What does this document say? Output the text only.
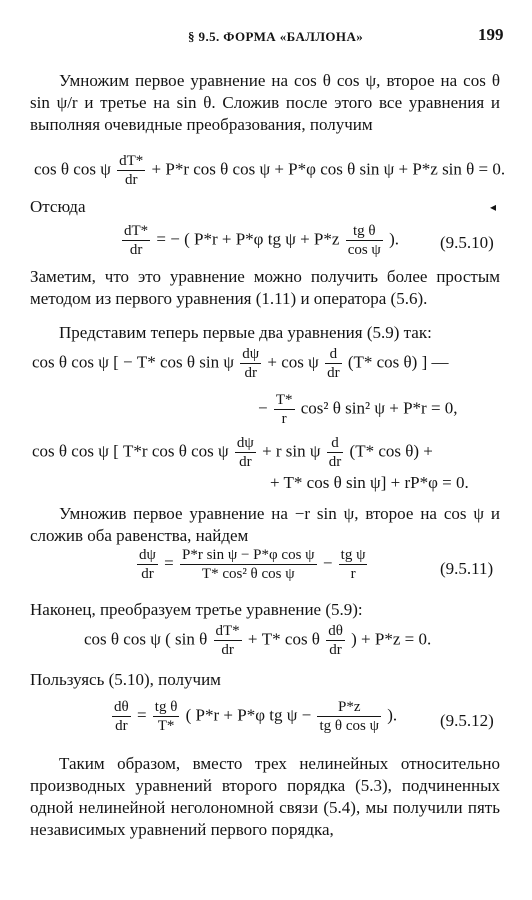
§ 9.5. ФОРМА «БАЛЛОНА»	199
Умножим первое уравнение на cos θ cos ψ, второе на cos θ sin ψ/r и третье на sin θ. Сложив после этого все уравнения и выполняя очевидные преобразования, получим
cos θ cos ψ $\frac{dT*}{dr} + P*r$ cos θ cos ψ + P*φ cos θ sin ψ + P*z sin θ = 0.
◂
Отсюда
$\frac{dT*}{dr}$ = − ( P*r + P*φ tg $\psi + P*z \frac{\text{tg θ}}{\text{cos ψ}}$ ). (9.5.10)
Заметим, что это уравнение можно получить более простым методом из первого уравнения (1.11) и оператора (5.6).
Представим теперь первые два уравнения (5.9) так:
cos θ cos ψ [ − T* cos θ sin ψ $\frac{d\psi}{dr} + \cos \psi \frac{d}{dr} (T*$ cos θ) ] —
− $\frac{T*}{r} \cos^2$ θ sin² ψ + P*r = 0,
cos θ cos ψ [ T*r cos θ cos ψ $\frac{d\psi}{dr} + r$ sin ψ $\frac{d}{dr} (T*$ cos θ) +
+ T* cos θ sin ψ] + rP*φ = 0.
Умножив первое уравнение на −r sin ψ, второе на cos ψ и сложив оба равенства, найдем
$\frac{d\psi}{dr} = \frac{\text{P*r sin ψ − P*φ cos ψ}}{\text{T* cos² θ cos ψ}} - \frac{\text{tg ψ}}{r}$	(9.5.11)
Наконец, преобразуем третье уравнение (5.9):
cos θ cos ψ ( sin θ $\frac{dT*}{dr} + T*$ cos θ $\frac{d\theta}{dr}$ ) + P*z = 0.
Пользуясь (5.10), получим
$\frac{d\theta}{dr} = \frac{\text{tg θ}}{T*}$ ( P*r + P*φ tg $\psi - \frac{P*z}{\text{tg θ cos ψ}}$ ).	(9.5.12)
Таким образом, вместо трех нелинейных относительно производных уравнений второго порядка (5.3), подчиненных одной нелинейной неголономной связи (5.4), мы получили пять независимых уравнений первого порядка,
